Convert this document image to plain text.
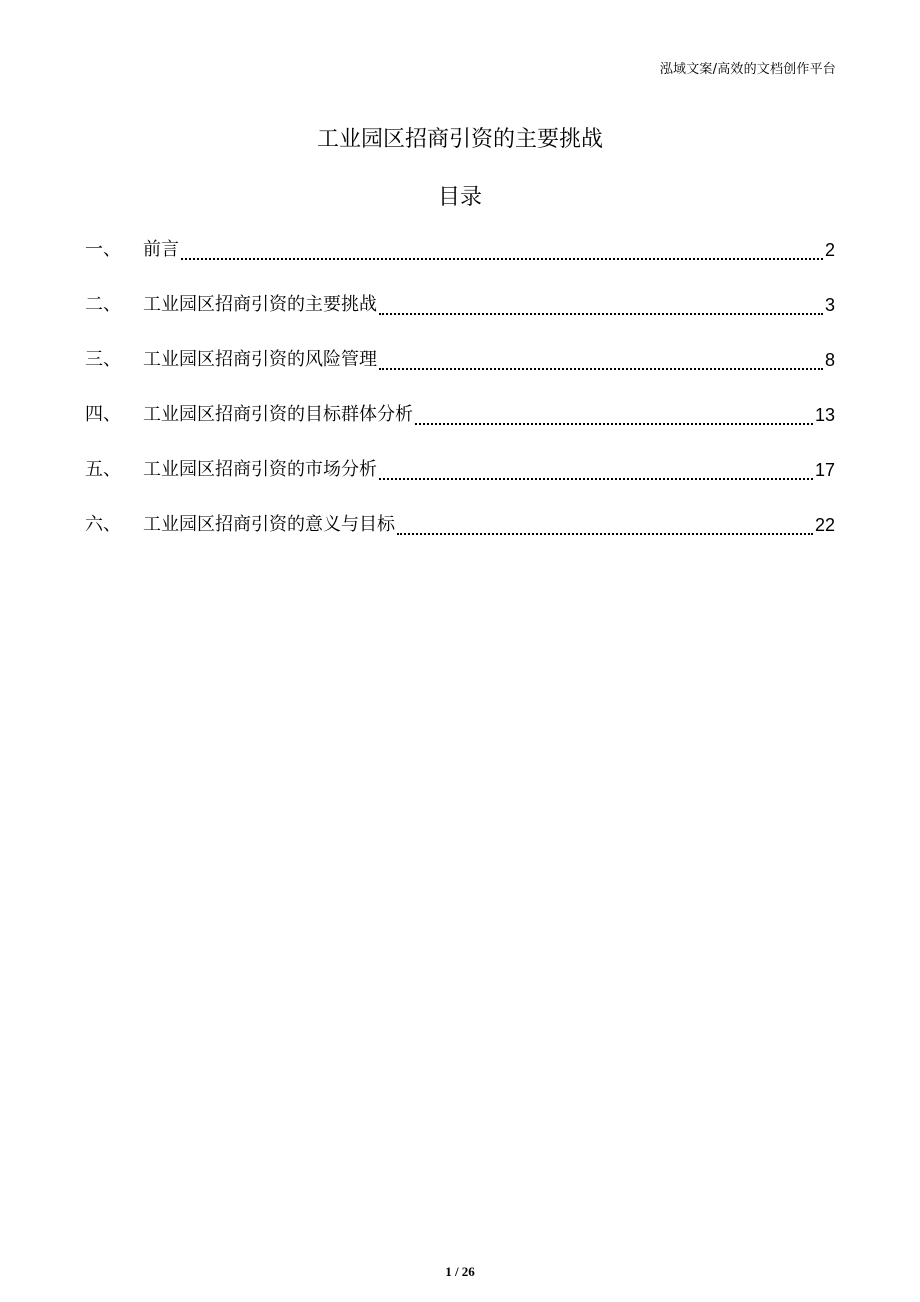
泓域文案/高效的文档创作平台
工业园区招商引资的主要挑战
目录
一、	前言	2
二、	工业园区招商引资的主要挑战	3
三、	工业园区招商引资的风险管理	8
四、	工业园区招商引资的目标群体分析	13
五、	工业园区招商引资的市场分析	17
六、	工业园区招商引资的意义与目标	22
1 / 26
